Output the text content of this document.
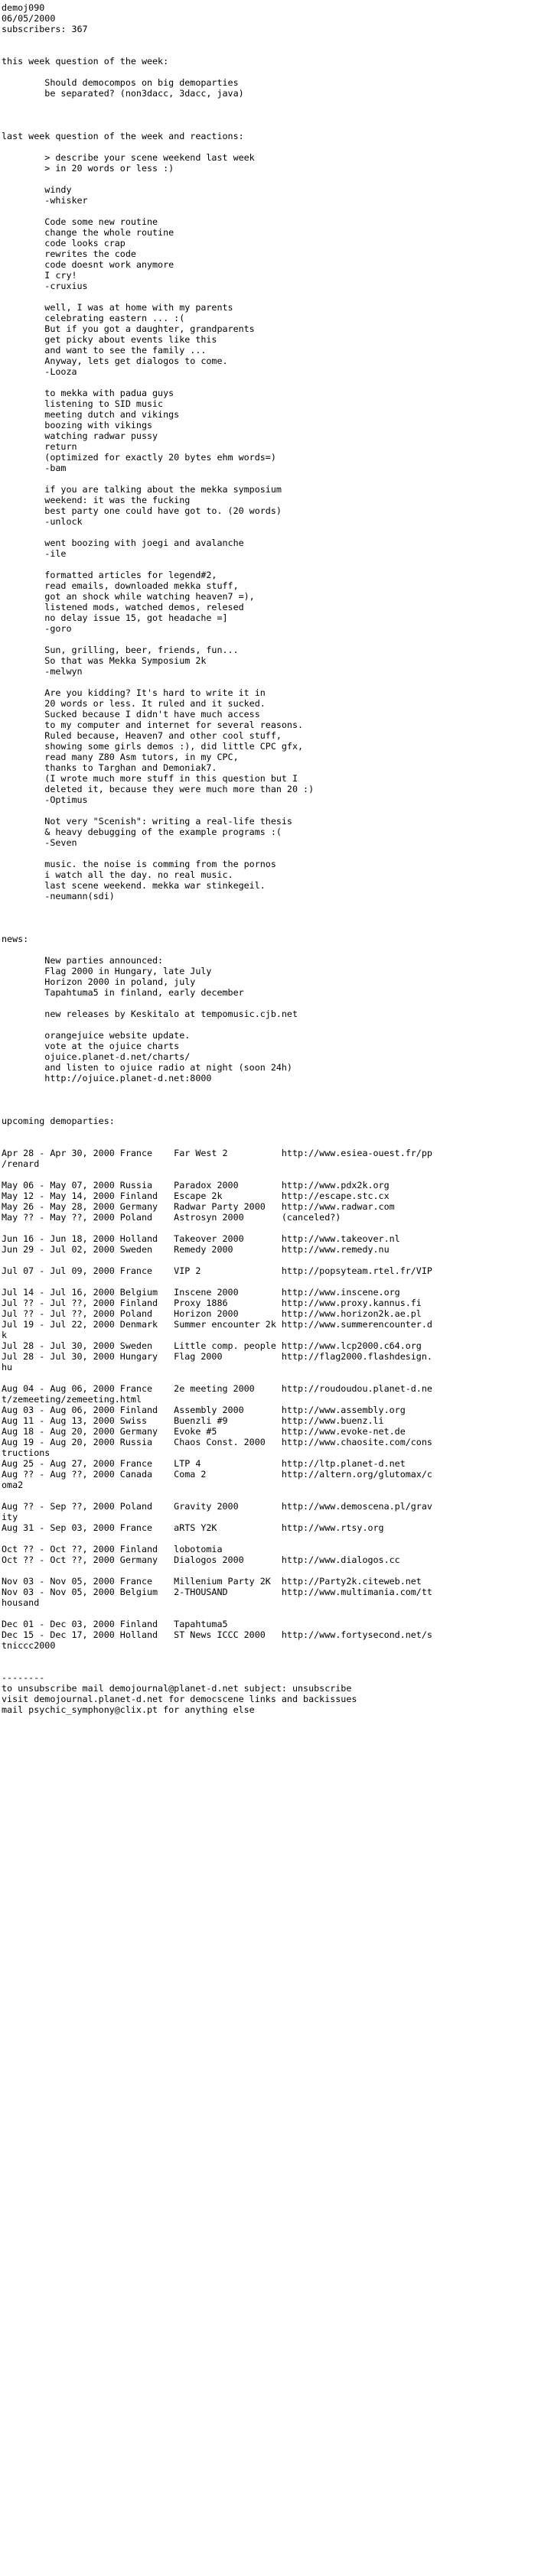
demoj090
06/05/2000
subscribers: 367

this week question of the week:

Should democompos on big demoparties
be separated? (non3dacc, 3dacc, java)

last week question of the week and reactions:

> describe your scene weekend last week
> in 20 words or less :)

windy
-whisker

Code some new routine
change the whole routine
code looks crap
rewrites the code
code doesnt work anymore
I cry!
-cruxius

well, I was at home with my parents
celebrating eastern ... :(
But if you got a daughter, grandparents
get picky about events like this
and want to see the family ...
Anyway, lets get dialogos to come.
-Looza

to mekka with padua guys
listening to SID music
meeting dutch and vikings
boozing with vikings
watching radwar pussy
return
(optimized for exactly 20 bytes ehm words=)
-bam

if you are talking about the mekka symposium
weekend: it was the fucking
best party one could have got to. (20 words)
-unlock

went boozing with joegi and avalanche
-ile

formatted articles for legend#2,
read emails, downloaded mekka stuff,
got an shock while watching heaven7 =),
listened mods, watched demos, relesed
no delay issue 15, got headache =]
-goro

Sun, grilling, beer, friends, fun...
So that was Mekka Symposium 2k
-melwyn

Are you kidding? It's hard to write it in
20 words or less. It ruled and it sucked.
Sucked because I didn't have much access
to my computer and internet for several reasons.
Ruled because, Heaven7 and other cool stuff,
showing some girls demos :), did little CPC gfx,
read many Z80 Asm tutors, in my CPC,
thanks to Targhan and Demoniak7.
(I wrote much more stuff in this question but I
deleted it, because they were much more than 20 :)
-Optimus

Not very "Scenish": writing a real-life thesis
& heavy debugging of the example programs :(
-Seven

music. the noise is comming from the pornos
i watch all the day. no real music.
last scene weekend. mekka war stinkegeil.
-neumann(sdi)

news:

New parties announced:
Flag 2000 in Hungary, late July
Horizon 2000 in poland, july
Tapahtuma5 in finland, early december

new releases by Keskitalo at tempomusic.cjb.net

orangejuice website update.
vote at the ojuice charts
ojuice.planet-d.net/charts/
and listen to ojuice radio at night (soon 24h)
http://ojuice.planet-d.net:8000

upcoming demoparties:

Apr 28 - Apr 30, 2000 France    Far West 2          http://www.esiea-ouest.fr/pp
/renard

May 06 - May 07, 2000 Russia    Paradox 2000        http://www.pdx2k.org
May 12 - May 14, 2000 Finland   Escape 2k           http://escape.stc.cx
May 26 - May 28, 2000 Germany   Radwar Party 2000   http://www.radwar.com
May ?? - May ??, 2000 Poland    Astrosyn 2000       (canceled?)

Jun 16 - Jun 18, 2000 Holland   Takeover 2000       http://www.takeover.nl
Jun 29 - Jul 02, 2000 Sweden    Remedy 2000         http://www.remedy.nu

Jul 07 - Jul 09, 2000 France    VIP 2               http://popsyteam.rtel.fr/VIP

Jul 14 - Jul 16, 2000 Belgium   Inscene 2000        http://www.inscene.org
Jul ?? - Jul ??, 2000 Finland   Proxy 1886          http://www.proxy.kannus.fi
Jul ?? - Jul ??, 2000 Poland    Horizon 2000        http://www.horizon2k.ae.pl
Jul 19 - Jul 22, 2000 Denmark   Summer encounter 2k http://www.summerencounter.d
k
Jul 28 - Jul 30, 2000 Sweden    Little comp. people http://www.lcp2000.c64.org
Jul 28 - Jul 30, 2000 Hungary   Flag 2000           http://flag2000.flashdesign.
hu

Aug 04 - Aug 06, 2000 France    2e meeting 2000     http://roudoudou.planet-d.ne
t/zemeeting/zemeeting.html
Aug 03 - Aug 06, 2000 Finland   Assembly 2000       http://www.assembly.org
Aug 11 - Aug 13, 2000 Swiss     Buenzli #9          http://www.buenz.li
Aug 18 - Aug 20, 2000 Germany   Evoke #5            http://www.evoke-net.de
Aug 19 - Aug 20, 2000 Russia    Chaos Const. 2000   http://www.chaosite.com/cons
tructions
Aug 25 - Aug 27, 2000 France    LTP 4               http://ltp.planet-d.net
Aug ?? - Aug ??, 2000 Canada    Coma 2              http://altern.org/glutomax/c
oma2

Aug ?? - Sep ??, 2000 Poland    Gravity 2000        http://www.demoscena.pl/grav
ity
Aug 31 - Sep 03, 2000 France    aRTS Y2K            http://www.rtsy.org

Oct ?? - Oct ??, 2000 Finland   lobotomia
Oct ?? - Oct ??, 2000 Germany   Dialogos 2000       http://www.dialogos.cc

Nov 03 - Nov 05, 2000 France    Millenium Party 2K  http://Party2k.citeweb.net
Nov 03 - Nov 05, 2000 Belgium   2-THOUSAND          http://www.multimania.com/tt
housand

Dec 01 - Dec 03, 2000 Finland   Tapahtuma5
Dec 15 - Dec 17, 2000 Holland   ST News ICCC 2000   http://www.fortysecond.net/s
tniccc2000

--------
to unsubscribe mail demojournal@planet-d.net subject: unsubscribe
visit demojournal.planet-d.net for democscene links and backissues
mail psychic_symphony@clix.pt for anything else
